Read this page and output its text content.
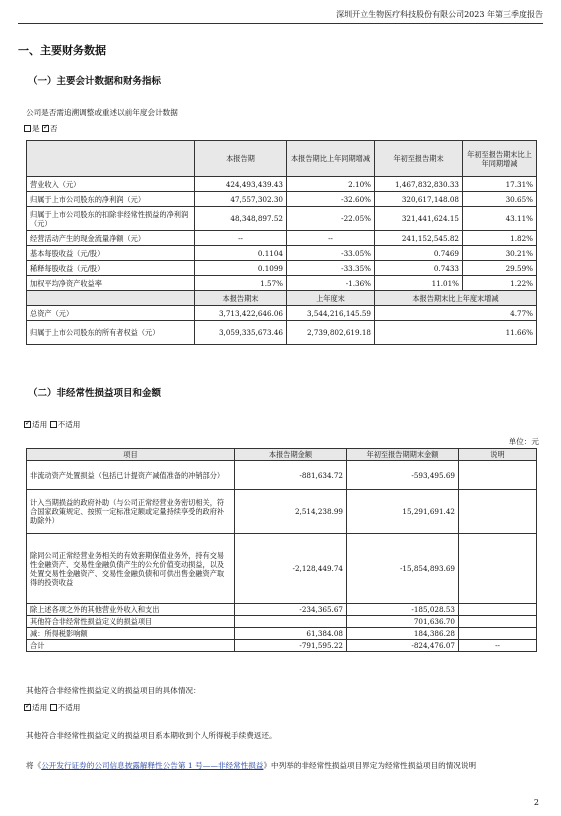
深圳开立生物医疗科技股份有限公司2023 年第三季度报告
一、主要财务数据
（一）主要会计数据和财务指标
公司是否需追溯调整或重述以前年度会计数据
是 ✓ 否
	本报告期	本报告期比上年同期增减	年初至报告期末	年初至报告期末比上年同期增减
营业收入（元）	424,493,439.43	2.10%	1,467,832,830.33	17.31%
归属于上市公司股东的净利润（元）	47,557,302.30	-32.60%	320,617,148.08	30.65%
归属于上市公司股东的扣除非经常性损益的净利润（元）	48,348,897.52	-22.05%	321,441,624.15	43.11%
经营活动产生的现金流量净额（元）	--	--	241,152,545.82	1.82%
基本每股收益（元/股）	0.1104	-33.05%	0.7469	30.21%
稀释每股收益（元/股）	0.1099	-33.35%	0.7433	29.59%
加权平均净资产收益率	1.57%	-1.36%	11.01%	1.22%
	本报告期末	上年度末	本报告期末比上年度末增减	
总资产（元）	3,713,422,646.06	3,544,216,145.59	4.77%	
归属于上市公司股东的所有者权益（元）	3,059,335,673.46	2,739,802,619.18	11.66%	
（二）非经常性损益项目和金额
✓适用 不适用
单位：元
项目	本报告期金额	年初至报告期期末金额	说明
非流动资产处置损益（包括已计提资产减值准备的冲销部分）	-881,634.72	-593,495.69	
计入当期损益的政府补助（与公司正常经营业务密切相关，符合国家政策规定、按照一定标准定额或定量持续享受的政府补助除外）	2,514,238.99	15,291,691.42	
除同公司正常经营业务相关的有效套期保值业务外，持有交易性金融资产、交易性金融负债产生的公允价值变动损益，以及处置交易性金融资产、交易性金融负债和可供出售金融资产取得的投资收益	-2,128,449.74	-15,854,893.69	
除上述各项之外的其他营业外收入和支出	-234,365.67	-185,028.53	
其他符合非经常性损益定义的损益项目		701,636.70	
减：所得税影响额	61,384.08	184,386.28	
合计	-791,595.22	-824,476.07	--
其他符合非经常性损益定义的损益项目的具体情况：
✓适用 不适用
其他符合非经常性损益定义的损益项目系本期收到个人所得税手续费返还。
将《公开发行证券的公司信息披露解释性公告第 1 号——非经常性损益》中列举的非经常性损益项目界定为经常性损益项目的情况说明
2
